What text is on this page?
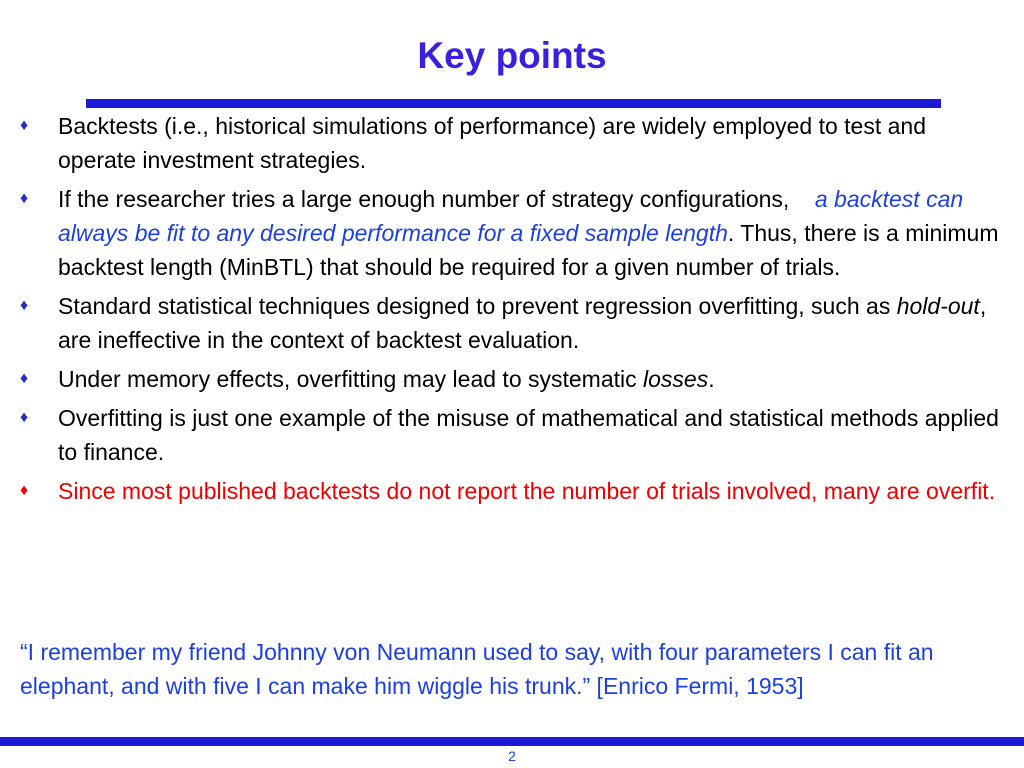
Key points
♦	Backtests (i.e., historical simulations of performance) are widely employed to test and operate investment strategies.
♦	If the researcher tries a large enough number of strategy configurations, a backtest can always be fit to any desired performance for a fixed sample length. Thus, there is a minimum backtest length (MinBTL) that should be required for a given number of trials.
♦	Standard statistical techniques designed to prevent regression overfitting, such as hold-out, are ineffective in the context of backtest evaluation.
♦	Under memory effects, overfitting may lead to systematic losses.
♦	Overfitting is just one example of the misuse of mathematical and statistical methods applied to finance.
♦	Since most published backtests do not report the number of trials involved, many are overfit.
“I remember my friend Johnny von Neumann used to say, with four parameters I can fit an elephant, and with five I can make him wiggle his trunk.” [Enrico Fermi, 1953]
2
